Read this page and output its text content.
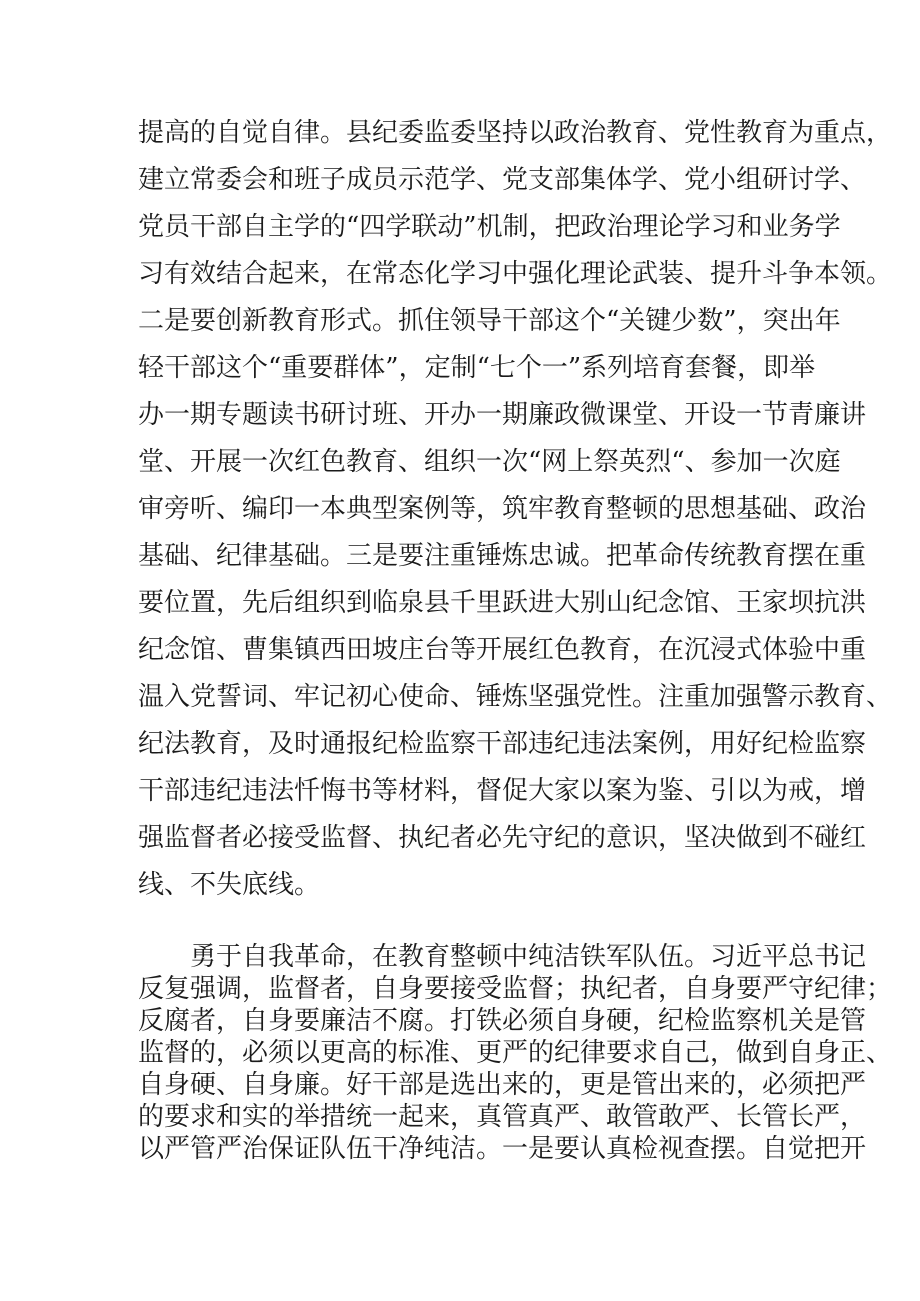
提高的自觉自律。县纪委监委坚持以政治教育、党性教育为重点，

建立常委会和班子成员示范学、党支部集体学、党小组研讨学、

党员干部自主学的“四学联动”机制，把政治理论学习和业务学

习有效结合起来，在常态化学习中强化理论武装、提升斗争本领。

二是要创新教育形式。抓住领导干部这个“关键少数”，突出年

轻干部这个“重要群体”，定制“七个一”系列培育套餐，即举

办一期专题读书研讨班、开办一期廉政微课堂、开设一节青廉讲

堂、开展一次红色教育、组织一次“网上祭英烈“、参加一次庭

审旁听、编印一本典型案例等，筑牢教育整顿的思想基础、政治

基础、纪律基础。三是要注重锤炼忠诚。把革命传统教育摆在重

要位置，先后组织到临泉县千里跃进大别山纪念馆、王家坝抗洪

纪念馆、曹集镇西田坡庄台等开展红色教育，在沉浸式体验中重

温入党誓词、牢记初心使命、锤炼坚强党性。注重加强警示教育、

纪法教育，及时通报纪检监察干部违纪违法案例，用好纪检监察

干部违纪违法忏悔书等材料，督促大家以案为鉴、引以为戒，增

强监督者必接受监督、执纪者必先守纪的意识，坚决做到不碰红

线、不失底线。

勇于自我革命，在教育整顿中纯洁铁军队伍。习近平总书记

反复强调，监督者，自身要接受监督；执纪者，自身要严守纪律；

反腐者，自身要廉洁不腐。打铁必须自身硬，纪检监察机关是管

监督的，必须以更高的标准、更严的纪律要求自己，做到自身正、

自身硬、自身廉。好干部是选出来的，更是管出来的，必须把严

的要求和实的举措统一起来，真管真严、敢管敢严、长管长严，

以严管严治保证队伍干净纯洁。一是要认真检视查摆。自觉把开
